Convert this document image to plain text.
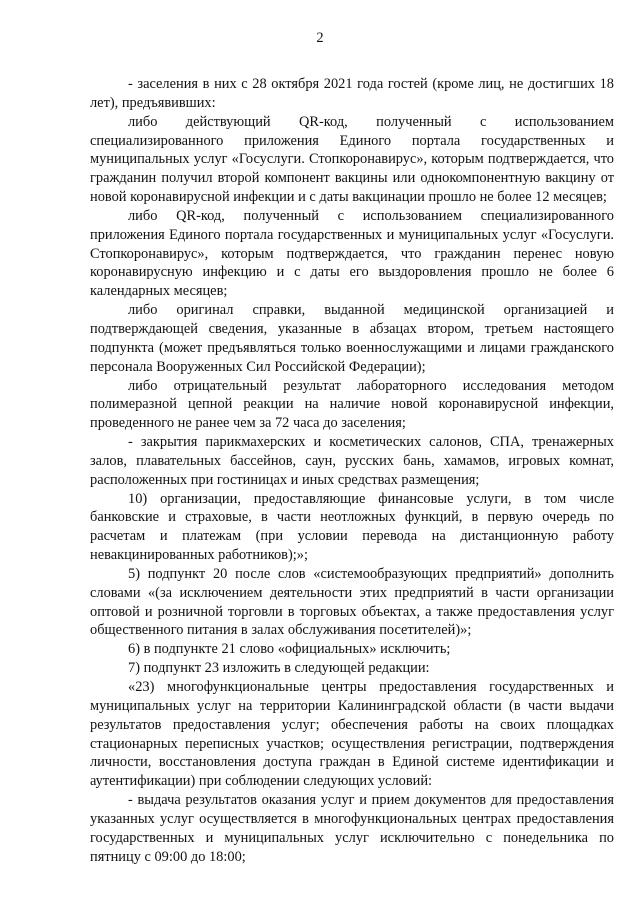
2

- заселения в них с 28 октября 2021 года гостей (кроме лиц, не достигших 18 лет), предъявивших:

либо действующий QR-код, полученный с использованием специализированного приложения Единого портала государственных и муниципальных услуг «Госуслуги. Стопкоронавирус», которым подтверждается, что гражданин получил второй компонент вакцины или однокомпонентную вакцину от новой коронавирусной инфекции и с даты вакцинации прошло не более 12 месяцев;

либо QR-код, полученный с использованием специализированного приложения Единого портала государственных и муниципальных услуг «Госуслуги. Стопкоронавирус», которым подтверждается, что гражданин перенес новую коронавирусную инфекцию и с даты его выздоровления прошло не более 6 календарных месяцев;

либо оригинал справки, выданной медицинской организацией и подтверждающей сведения, указанные в абзацах втором, третьем настоящего подпункта (может предъявляться только военнослужащими и лицами гражданского персонала Вооруженных Сил Российской Федерации);

либо отрицательный результат лабораторного исследования методом полимеразной цепной реакции на наличие новой коронавирусной инфекции, проведенного не ранее чем за 72 часа до заселения;

- закрытия парикмахерских и косметических салонов, СПА, тренажерных залов, плавательных бассейнов, саун, русских бань, хамамов, игровых комнат, расположенных при гостиницах и иных средствах размещения;

10) организации, предоставляющие финансовые услуги, в том числе банковские и страховые, в части неотложных функций, в первую очередь по расчетам и платежам (при условии перевода на дистанционную работу невакцинированных работников);»;

5) подпункт 20 после слов «системообразующих предприятий» дополнить словами «(за исключением деятельности этих предприятий в части организации оптовой и розничной торговли в торговых объектах, а также предоставления услуг общественного питания в залах обслуживания посетителей)»;

6) в подпункте 21 слово «официальных» исключить;

7) подпункт 23 изложить в следующей редакции:

«23) многофункциональные центры предоставления государственных и муниципальных услуг на территории Калининградской области (в части выдачи результатов предоставления услуг; обеспечения работы на своих площадках стационарных переписных участков; осуществления регистрации, подтверждения личности, восстановления доступа граждан в Единой системе идентификации и аутентификации) при соблюдении следующих условий:

- выдача результатов оказания услуг и прием документов для предоставления указанных услуг осуществляется в многофункциональных центрах предоставления государственных и муниципальных услуг исключительно с понедельника по пятницу с 09:00 до 18:00;
